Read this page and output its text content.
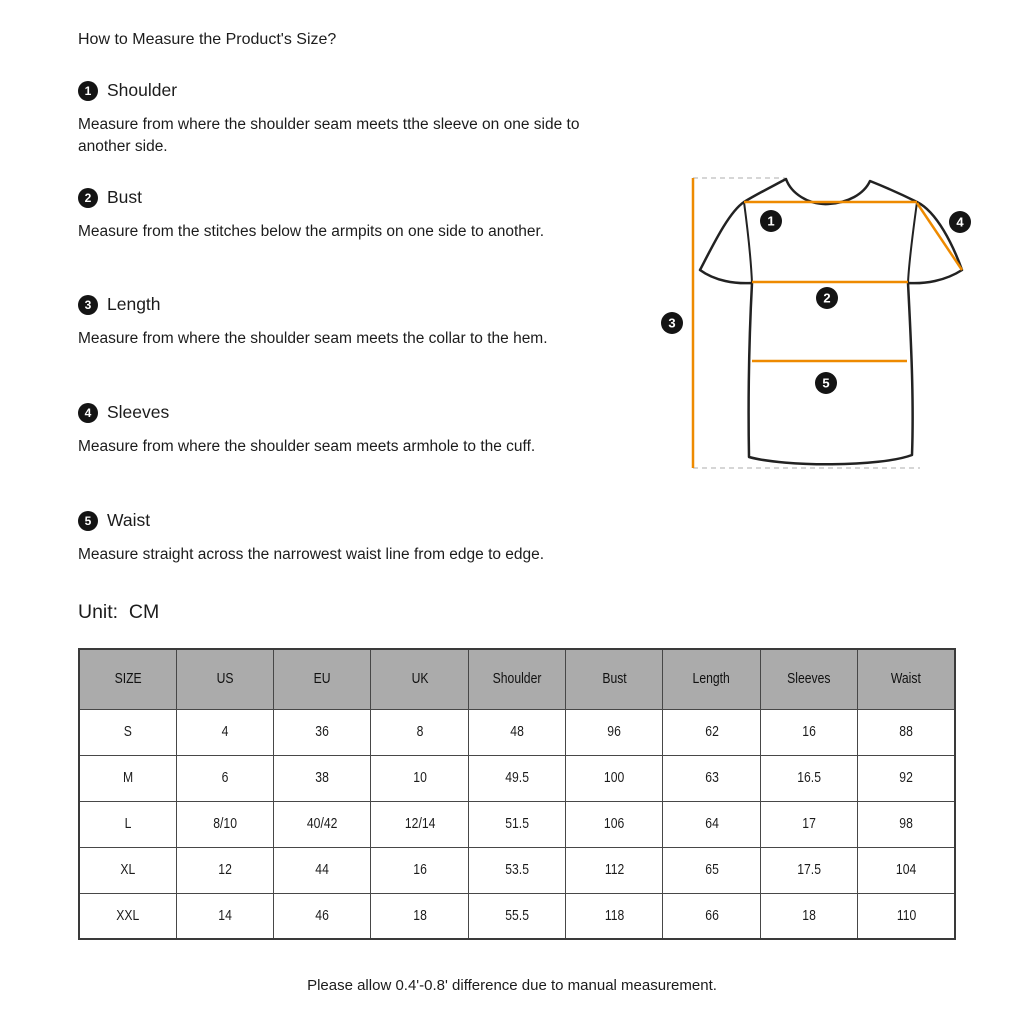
How to Measure the Product's Size?
1 Shoulder
Measure from where the shoulder seam meets tthe sleeve on one side to another side.
2 Bust
Measure from the stitches below the armpits on one side to another.
3 Length
Measure from where the shoulder seam meets the collar to the hem.
4 Sleeves
Measure from where the shoulder seam meets armhole to the cuff.
5 Waist
Measure straight across the narrowest waist line from edge to edge.
Unit:  CM
1
2
3
4
5
SIZE	US	EU	UK	Shoulder	Bust	Length	Sleeves	Waist
S	4	36	8	48	96	62	16	88
M	6	38	10	49.5	100	63	16.5	92
L	8/10	40/42	12/14	51.5	106	64	17	98
XL	12	44	16	53.5	112	65	17.5	104
XXL	14	46	18	55.5	118	66	18	110
Please allow 0.4'-0.8' difference due to manual measurement.
